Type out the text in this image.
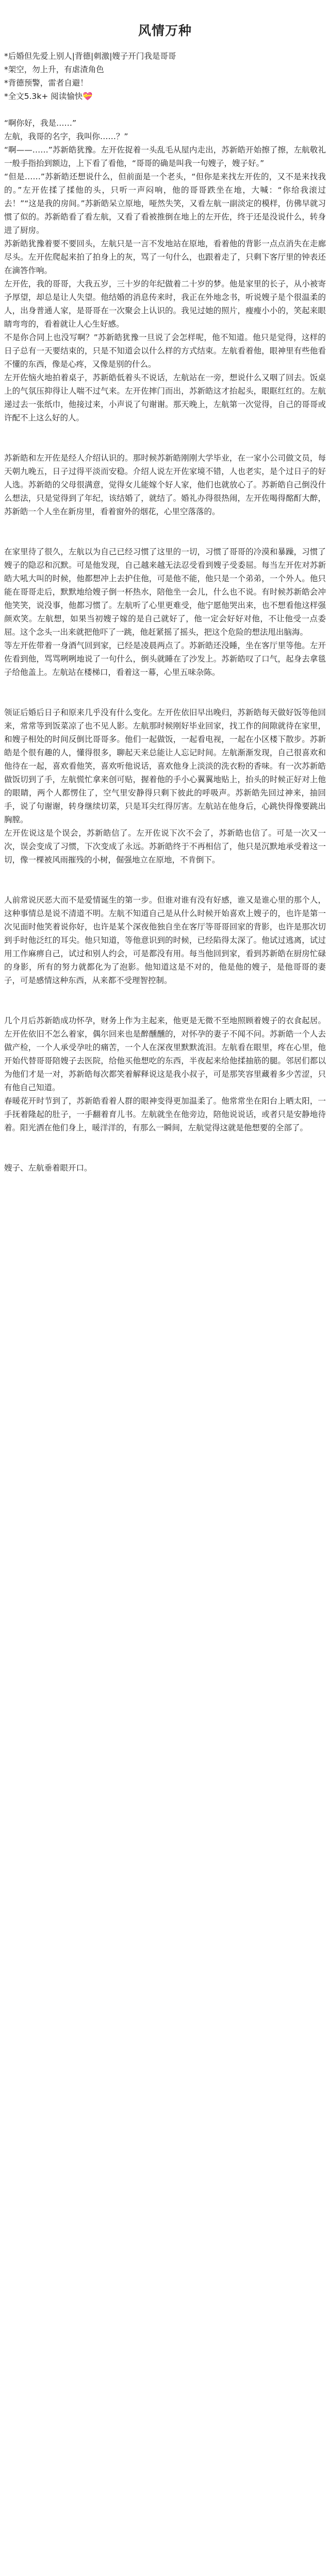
风情万种

*后婚但先爱上别人|背德|刺激|嫂子开门我是哥哥

*架空，勿上升，有虐渣角色

*背德预警，雷者自避！

*全文5.3k+ 阅读愉快💝

“啊你好，我是……”

左航，我哥的名字，我叫你……？”

“啊——……”苏新皓犹豫。左开佐捉着一头乱毛从屋内走出，苏新皓开始擦了擦，左航敬礼一般手指抬到额边，上下看了看他，“哥哥的确是叫我一句嫂子，嫂子好。”

“但是……”苏新皓还想说什么，但前面是一个老头，“但你是来找左开佐的，又不是来找我的。”左开佐揉了揉他的头，只听一声闷响，他的哥哥跌坐在地，大喊：“你给我滚过去！”“这是我的房间。”苏新皓呆立原地，哑然失笑，又看左航一副淡定的模样，仿佛早就习惯了似的。苏新皓看了看左航，又看了看被推倒在地上的左开佐，终于还是没说什么，转身进了厨房。

苏新皓犹豫着要不要回头，左航只是一言不发地站在原地，看着他的背影一点点消失在走廊尽头。左开佐爬起来拍了拍身上的灰，骂了一句什么，也跟着走了，只剩下客厅里的钟表还在滴答作响。

左开佐，我的哥哥，大我五岁，三十岁的年纪做着二十岁的梦。他是家里的长子，从小被寄予厚望，却总是让人失望。他结婚的消息传来时，我正在外地念书，听说嫂子是个很温柔的人，出身普通人家，是哥哥在一次聚会上认识的。我见过她的照片，瘦瘦小小的，笑起来眼睛弯弯的，看着就让人心生好感。

不是你合同上也没写啊？”苏新皓犹豫一旦说了会怎样呢，他不知道。他只是觉得，这样的日子总有一天要结束的，只是不知道会以什么样的方式结束。左航看着他，眼神里有些他看不懂的东西，像是心疼，又像是别的什么。

左开佐恼火地拍着桌子，苏新皓低着头不说话，左航站在一旁，想说什么又咽了回去。饭桌上的气氛压抑得让人喘不过气来。左开佐摔门而出，苏新皓这才抬起头，眼眶红红的。左航递过去一张纸巾，他接过来，小声说了句谢谢。那天晚上，左航第一次觉得，自己的哥哥或许配不上这么好的人。

苏新皓和左开佐是经人介绍认识的。那时候苏新皓刚刚大学毕业，在一家小公司做文员，每天朝九晚五，日子过得平淡而安稳。介绍人说左开佐家境不错，人也老实，是个过日子的好人选。苏新皓的父母很满意，觉得女儿能嫁个好人家，他们也就放心了。苏新皓自己倒没什么想法，只是觉得到了年纪，该结婚了，就结了。婚礼办得很热闹，左开佐喝得酩酊大醉，苏新皓一个人坐在新房里，看着窗外的烟花，心里空落落的。

在家里待了很久，左航以为自己已经习惯了这里的一切，习惯了哥哥的冷漠和暴躁，习惯了嫂子的隐忍和沉默。可是他发现，自己越来越无法忍受看到嫂子受委屈。每当左开佐对苏新皓大吼大叫的时候，他都想冲上去护住他，可是他不能，他只是一个弟弟，一个外人。他只能在哥哥走后，默默地给嫂子倒一杯热水，陪他坐一会儿，什么也不说。有时候苏新皓会冲他笑笑，说没事，他都习惯了。左航听了心里更难受，他宁愿他哭出来，也不想看他这样强颜欢笑。左航想，如果当初嫂子嫁的是自己就好了，他一定会好好对他，不让他受一点委屈。这个念头一出来就把他吓了一跳，他赶紧摇了摇头，把这个危险的想法甩出脑海。

等左开佐带着一身酒气回到家，已经是凌晨两点了。苏新皓还没睡，坐在客厅里等他。左开佐看到他，骂骂咧咧地说了一句什么，倒头就睡在了沙发上。苏新皓叹了口气，起身去拿毯子给他盖上。左航站在楼梯口，看着这一幕，心里五味杂陈。

领证后婚后日子和原来几乎没有什么变化。左开佐依旧早出晚归，苏新皓每天做好饭等他回来，常常等到饭菜凉了也不见人影。左航那时候刚好毕业回家，找工作的间隙就待在家里，和嫂子相处的时间反倒比哥哥多。他们一起做饭，一起看电视，一起在小区楼下散步。苏新皓是个很有趣的人，懂得很多，聊起天来总能让人忘记时间。左航渐渐发现，自己很喜欢和他待在一起，喜欢看他笑，喜欢听他说话，喜欢他身上淡淡的洗衣粉的香味。有一次苏新皓做饭切到了手，左航慌忙拿来创可贴，握着他的手小心翼翼地贴上，抬头的时候正好对上他的眼睛，两个人都愣住了，空气里安静得只剩下彼此的呼吸声。苏新皓先回过神来，抽回手，说了句谢谢，转身继续切菜，只是耳尖红得厉害。左航站在他身后，心跳快得像要跳出胸膛。

左开佐说这是个误会，苏新皓信了。左开佐说下次不会了，苏新皓也信了。可是一次又一次，误会变成了习惯，下次变成了永远。苏新皓终于不再相信了，他只是沉默地承受着这一切，像一棵被风雨摧残的小树，倔强地立在原地，不肯倒下。

人前常说厌恶大而不是爱情诞生的第一步。但谁对谁有没有好感，谁又是谁心里的那个人，这种事情总是说不清道不明。左航不知道自己是从什么时候开始喜欢上嫂子的，也许是第一次见面时他笑着说你好，也许是某个深夜他独自坐在客厅等哥哥回家的背影，也许是那次切到手时他泛红的耳尖。他只知道，等他意识到的时候，已经陷得太深了。他试过逃离，试过用工作麻痹自己，试过和别人约会，可是都没有用。每当他回到家，看到苏新皓在厨房忙碌的身影，所有的努力就都化为了泡影。他知道这是不对的，他是他的嫂子，是他哥哥的妻子，可是感情这种东西，从来都不受理智控制。

几个月后苏新皓成功怀孕，财务上作为主起来，他更是无微不至地照顾着嫂子的衣食起居。左开佐依旧不怎么着家，偶尔回来也是醉醺醺的，对怀孕的妻子不闻不问。苏新皓一个人去做产检，一个人承受孕吐的痛苦，一个人在深夜里默默流泪。左航看在眼里，疼在心里，他开始代替哥哥陪嫂子去医院，给他买他想吃的东西，半夜起来给他揉抽筋的腿。邻居们都以为他们才是一对，苏新皓每次都笑着解释说这是我小叔子，可是那笑容里藏着多少苦涩，只有他自己知道。

春暖花开时节到了，苏新皓看着人群的眼神变得更加温柔了。他常常坐在阳台上晒太阳，一手抚着隆起的肚子，一手翻着育儿书。左航就坐在他旁边，陪他说说话，或者只是安静地待着。阳光洒在他们身上，暖洋洋的，有那么一瞬间，左航觉得这就是他想要的全部了。

嫂子、左航垂着眼开口。
